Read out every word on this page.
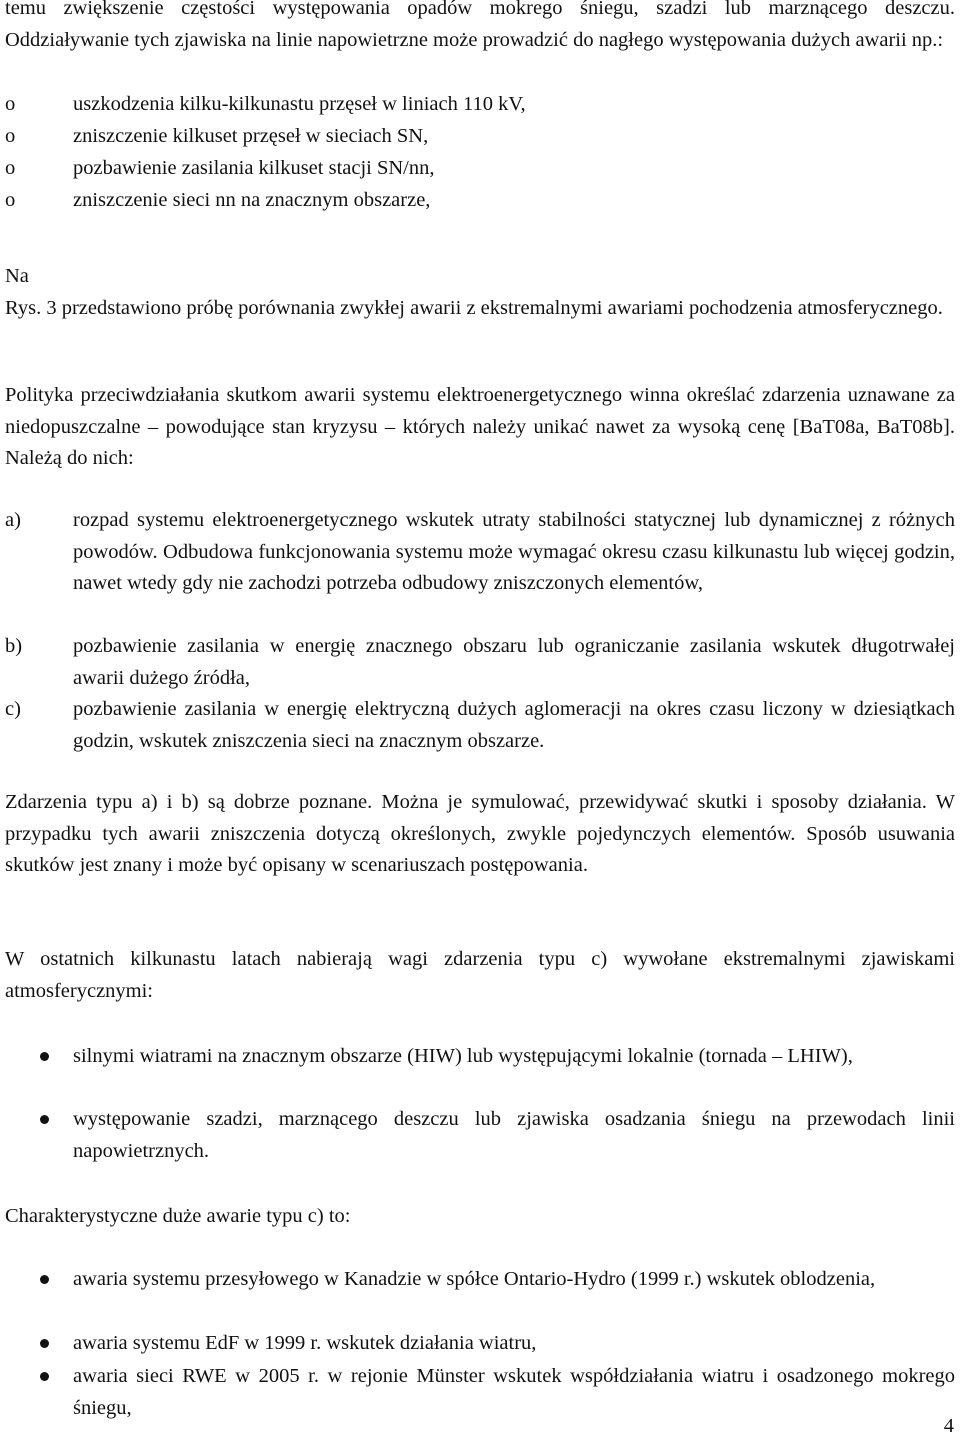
temu zwiększenie częstości występowania opadów mokrego śniegu, szadzi lub marznącego deszczu. Oddziaływanie tych zjawiska na linie napowietrzne może prowadzić do nagłego występowania dużych awarii np.:

o	uszkodzenia kilku-kilkunastu przęseł w liniach 110 kV,
o	zniszczenie kilkuset przęseł w sieciach SN,
o	pozbawienie zasilania kilkuset stacji SN/nn,
o	zniszczenie sieci nn na znacznym obszarze,

Na

Rys. 3 przedstawiono próbę porównania zwykłej awarii z ekstremalnymi awariami pochodzenia atmosferycznego.

Polityka przeciwdziałania skutkom awarii systemu elektroenergetycznego winna określać zdarzenia uznawane za niedopuszczalne – powodujące stan kryzysu – których należy unikać nawet za wysoką cenę [BaT08a, BaT08b]. Należą do nich:

a)	rozpad systemu elektroenergetycznego wskutek utraty stabilności statycznej lub dynamicznej z różnych powodów. Odbudowa funkcjonowania systemu może wymagać okresu czasu kilkunastu lub więcej godzin, nawet wtedy gdy nie zachodzi potrzeba odbudowy zniszczonych elementów,

b) pozbawienie zasilania w energię znacznego obszaru lub ograniczanie zasilania wskutek długotrwałej awarii dużego źródła,

c)	pozbawienie zasilania w energię elektryczną dużych aglomeracji na okres czasu liczony w dziesiątkach godzin, wskutek zniszczenia sieci na znacznym obszarze.

Zdarzenia typu a) i b) są dobrze poznane. Można je symulować, przewidywać skutki i sposoby działania. W przypadku tych awarii zniszczenia dotyczą określonych, zwykle pojedynczych elementów. Sposób usuwania skutków jest znany i może być opisany w scenariuszach postępowania.

W ostatnich kilkunastu latach nabierają wagi zdarzenia typu c) wywołane ekstremalnymi zjawiskami atmosferycznymi:

silnymi wiatrami na znacznym obszarze (HIW) lub występującymi lokalnie (tornada – LHIW),

występowanie szadzi, marznącego deszczu lub zjawiska osadzania śniegu na przewodach linii napowietrznych.

Charakterystyczne duże awarie typu c) to:

awaria systemu przesyłowego w Kanadzie w spółce Ontario-Hydro (1999 r.) wskutek oblodzenia,

awaria systemu EdF w 1999 r. wskutek działania wiatru,

awaria sieci RWE w 2005 r. w rejonie Münster wskutek współdziałania wiatru i osadzonego mokrego śniegu,

4
